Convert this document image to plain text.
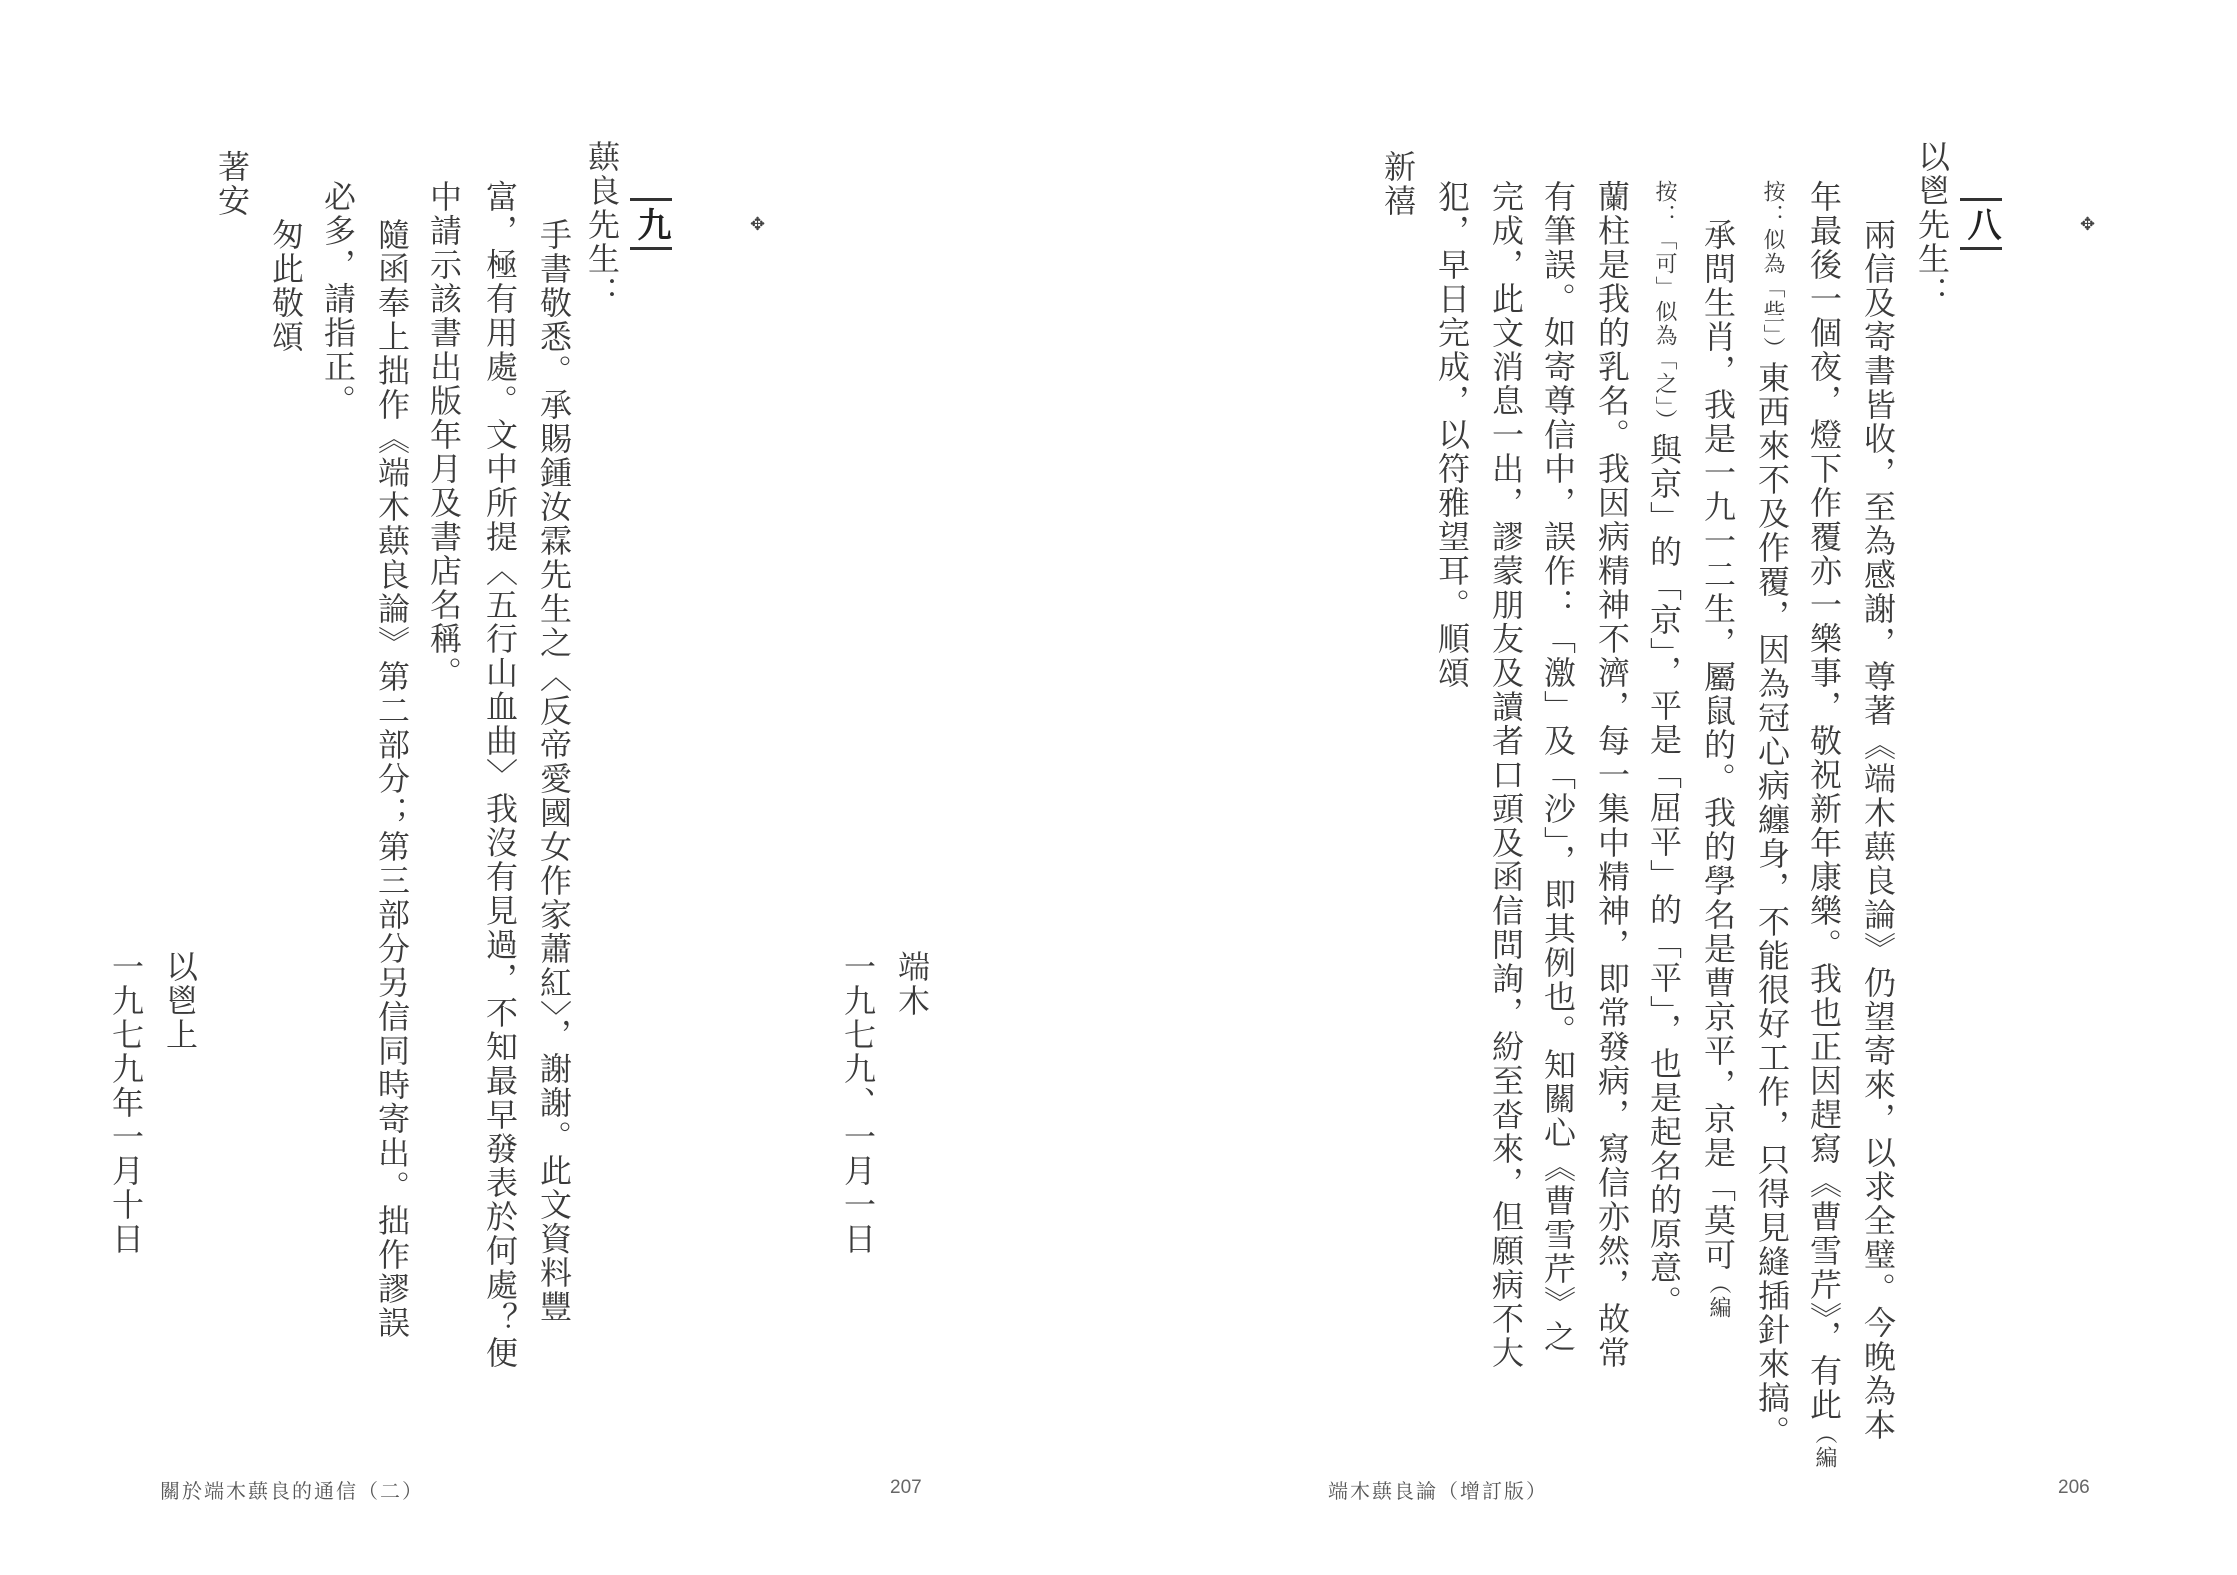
✥
九
蕻良先生：
手書敬悉。承賜鍾汝霖先生之〈反帝愛國女作家蕭紅〉，謝謝。此文資料豐
富，極有用處。文中所提〈五行山血曲〉我沒有見過，不知最早發表於何處？便
中請示該書出版年月及書店名稱。
隨函奉上拙作《端木蕻良論》第二部分；第三部分另信同時寄出。拙作謬誤
必多，請指正。
匆此敬頌
著安
以鬯上
一九七九年一月十日
關於端木蕻良的通信（二）	207
✥
八
以鬯先生：
兩信及寄書皆收，至為感謝，尊著《端木蕻良論》仍望寄來，以求全璧。今晚為本
年最後一個夜，燈下作覆亦一樂事，敬祝新年康樂。我也正因趕寫《曹雪芹》，有此（編
按：似為「些」）東西來不及作覆，因為冠心病纏身，不能很好工作，只得見縫插針來搞。
承問生肖，我是一九一二生，屬鼠的。我的學名是曹京平，京是「莫可（編
按：「可」似為「之」）與京」的「京」，平是「屈平」的「平」，也是起名的原意。
蘭柱是我的乳名。我因病精神不濟，每一集中精神，即常發病，寫信亦然，故常
有筆誤。如寄尊信中，誤作：「激」及「沙」，即其例也。知關心《曹雪芹》之
完成，此文消息一出，謬蒙朋友及讀者口頭及函信問詢，紛至沓來，但願病不大
犯，早日完成，以符雅望耳。順頌
新禧
端木
一九七九、一月一日
端木蕻良論（增訂版）	206
